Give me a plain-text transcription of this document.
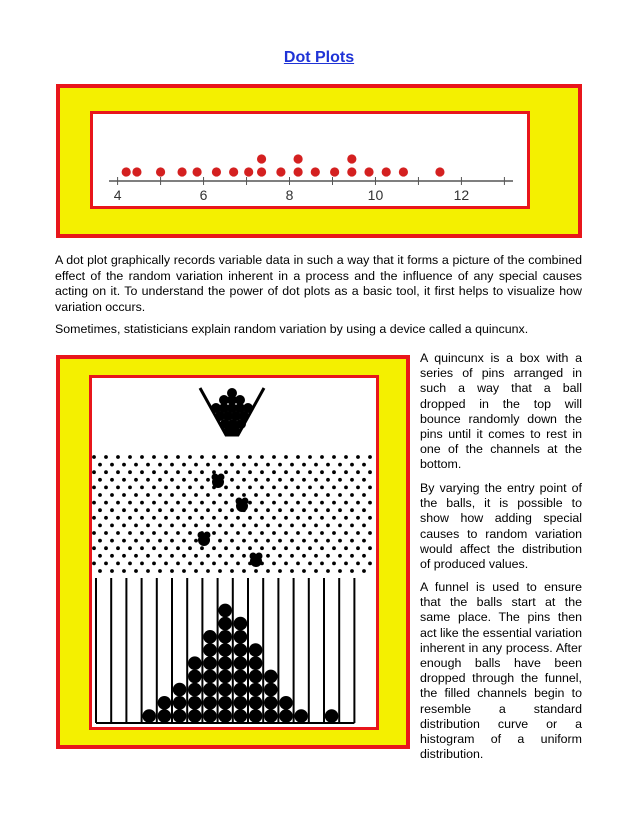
Dot Plots
4	6	8	10	12

A dot plot graphically records variable data in such a way that it forms a picture of the combined effect of the random variation inherent in a process and the influence of any special causes acting on it. To understand the power of dot plots as a basic tool, it first helps to visualize how variation occurs.

Sometimes, statisticians explain random variation by using a device called a quincunx.

A quincunx is a box with a series of pins arranged in such a way that a ball dropped in the top will bounce randomly down the pins until it comes to rest in one of the channels at the bottom.

By varying the entry point of the balls, it is possible to show how adding special causes to random variation would affect the distribution of produced values.

A funnel is used to ensure that the balls start at the same place. The pins then act like the essential variation inherent in any process. After enough balls have been dropped through the funnel, the filled channels begin to resemble a standard distribution curve or a histogram of a uniform distribution.
